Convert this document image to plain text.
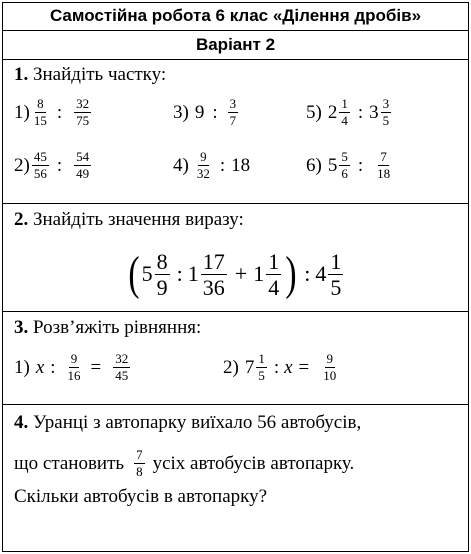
Самостійна робота 6 клас «Ділення дробів»
Варіант 2
1. Знайдіть частку:
$1) \frac{8}{15}$ : $\frac{32}{75}$	3) 9 : $\frac{3}{7}$	5) $2 \frac{1}{4}$ : $3 \frac{3}{5}$
$2) \frac{45}{56}$ : $\frac{54}{49}$	$4) \frac{9}{32}$ : 18	6) $5 \frac{5}{6}$ : $\frac{7}{18}$
2. Знайдіть значення виразу:
( $5 \frac{8}{9}$ : $1 \frac{17}{36} + 1 \frac{1}{4}$ ) : $4 \frac{1}{5}$
3. Розв’яжіть рівняння:
1) x : $\frac{9}{16} = \frac{32}{45}$	2) $7 \frac{1}{5}$ : $x = \frac{9}{10}$
4. Уранці з автопарку виїхало 56 автобусів,
що становить $\frac{7}{8}$ усіх автобусів автопарку.
Скільки автобусів в автопарку?
